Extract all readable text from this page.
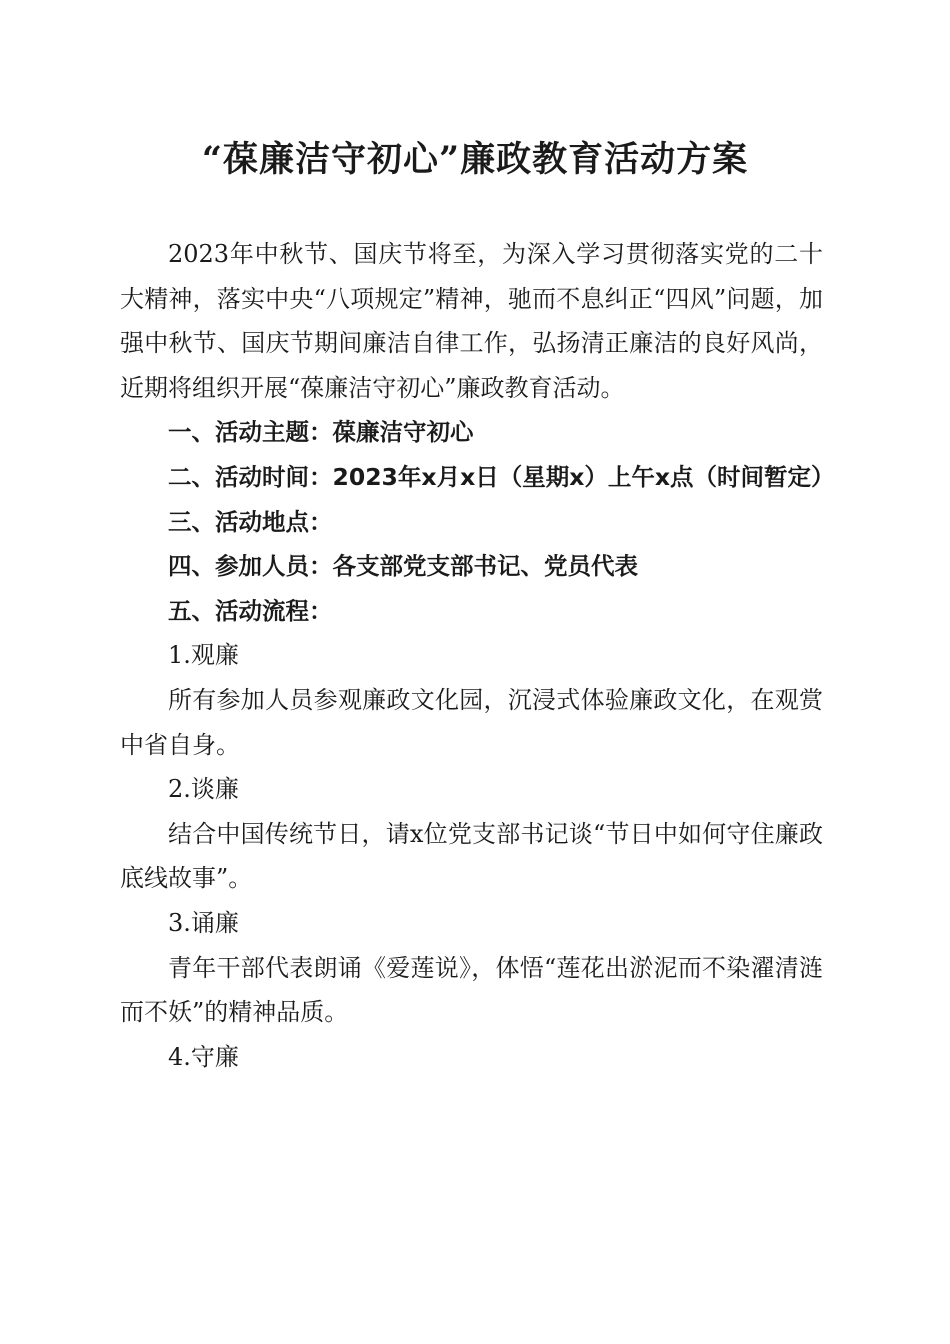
“葆廉洁守初心”廉政教育活动方案

2023年中秋节、国庆节将至，为深入学习贯彻落实党的二十大精神，落实中央“八项规定”精神，驰而不息纠正“四风”问题，加强中秋节、国庆节期间廉洁自律工作，弘扬清正廉洁的良好风尚，近期将组织开展“葆廉洁守初心”廉政教育活动。

一、活动主题：葆廉洁守初心

二、活动时间：2023年x月x日（星期x）上午x点（时间暂定）

三、活动地点：

四、参加人员：各支部党支部书记、党员代表

五、活动流程：

1.观廉

所有参加人员参观廉政文化园，沉浸式体验廉政文化，在观赏中省自身。

2.谈廉

结合中国传统节日，请x位党支部书记谈“节日中如何守住廉政底线故事”。

3.诵廉

青年干部代表朗诵《爱莲说》，体悟“莲花出淤泥而不染濯清涟而不妖”的精神品质。

4.守廉
